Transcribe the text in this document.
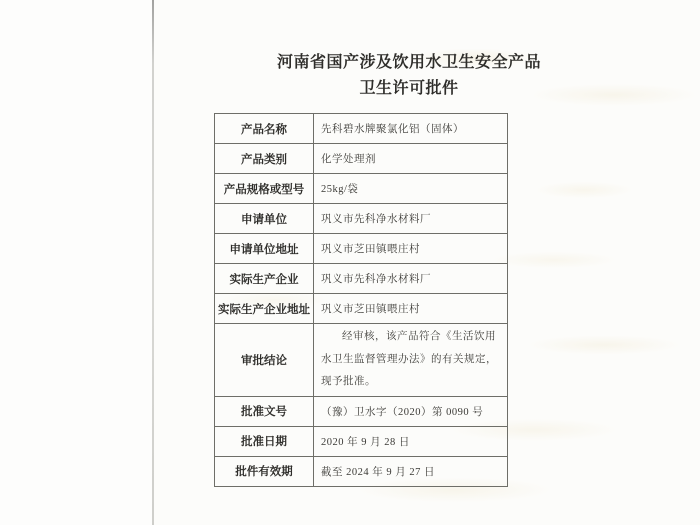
河南省国产涉及饮用水卫生安全产品
卫生许可批件
产品名称	先科碧水牌聚氯化铝（固体）
产品类别	化学处理剂
产品规格或型号	25kg/袋
申请单位	巩义市先科净水材料厂
申请单位地址	巩义市芝田镇喂庄村
实际生产企业	巩义市先科净水材料厂
实际生产企业地址	巩义市芝田镇喂庄村
审批结论	经审核，该产品符合《生活饮用水卫生监督管理办法》的有关规定，现予批准。
批准文号	（豫）卫水字（2020）第 0090 号
批准日期	2020 年 9 月 28 日
批件有效期	截至 2024 年 9 月 27 日
